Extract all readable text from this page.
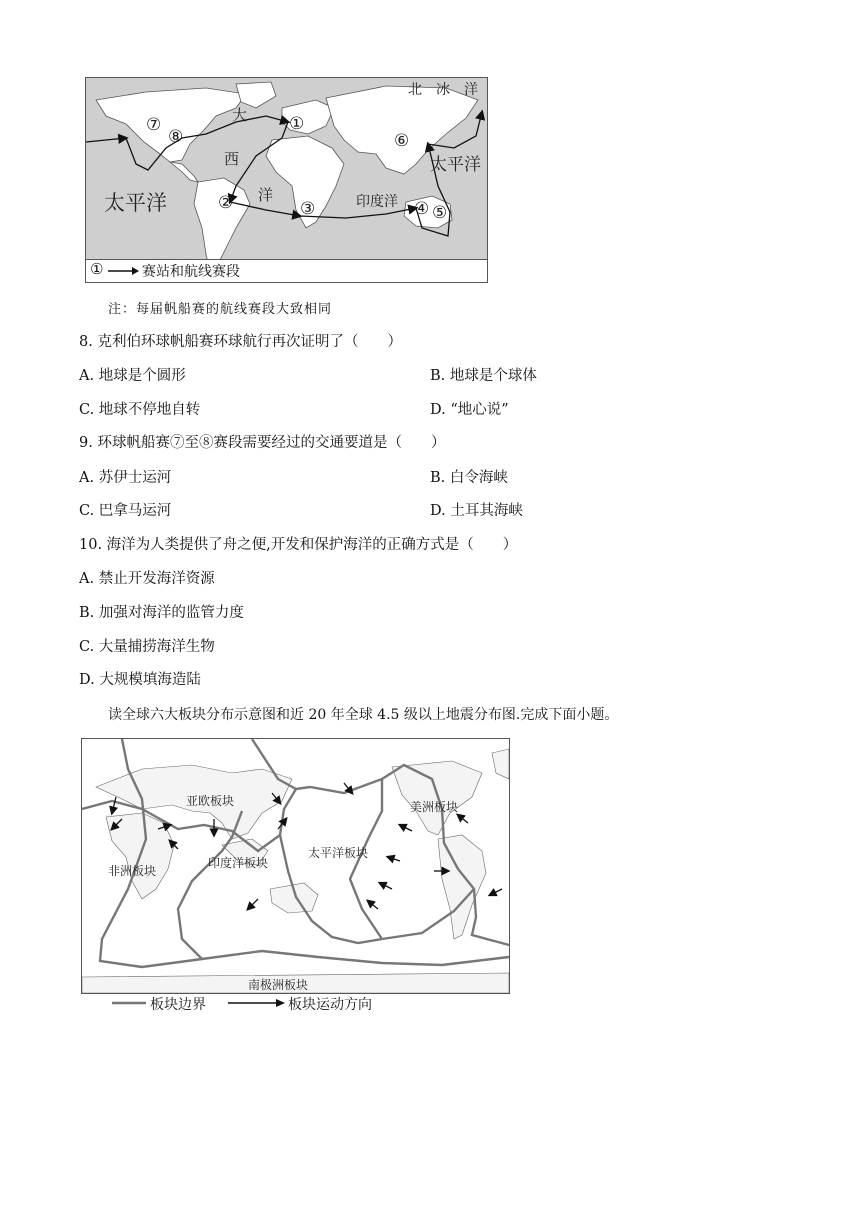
北　冰　洋
大
西
洋
太平洋
太平洋
印度洋
①
②	③	④ ⑤
⑥
⑦
⑧
①	赛站和航线赛段
注：每届帆船赛的航线赛段大致相同
8. 克利伯环球帆船赛环球航行再次证明了（　　）
A. 地球是个圆形	B. 地球是个球体
C. 地球不停地自转	D. “地心说”
9. 环球帆船赛⑦至⑧赛段需要经过的交通要道是（　　）
A. 苏伊士运河	B. 白令海峡
C. 巴拿马运河	D. 土耳其海峡
10. 海洋为人类提供了舟之便,开发和保护海洋的正确方式是（　　）
A. 禁止开发海洋资源
B. 加强对海洋的监管力度
C. 大量捕捞海洋生物
D. 大规模填海造陆
读全球六大板块分布示意图和近 20 年全球 4.5 级以上地震分布图.完成下面小题。
亚欧板块	美洲板块
非洲板块
太平洋板块
印度洋板块
南极洲板块
板块边界	板块运动方向
